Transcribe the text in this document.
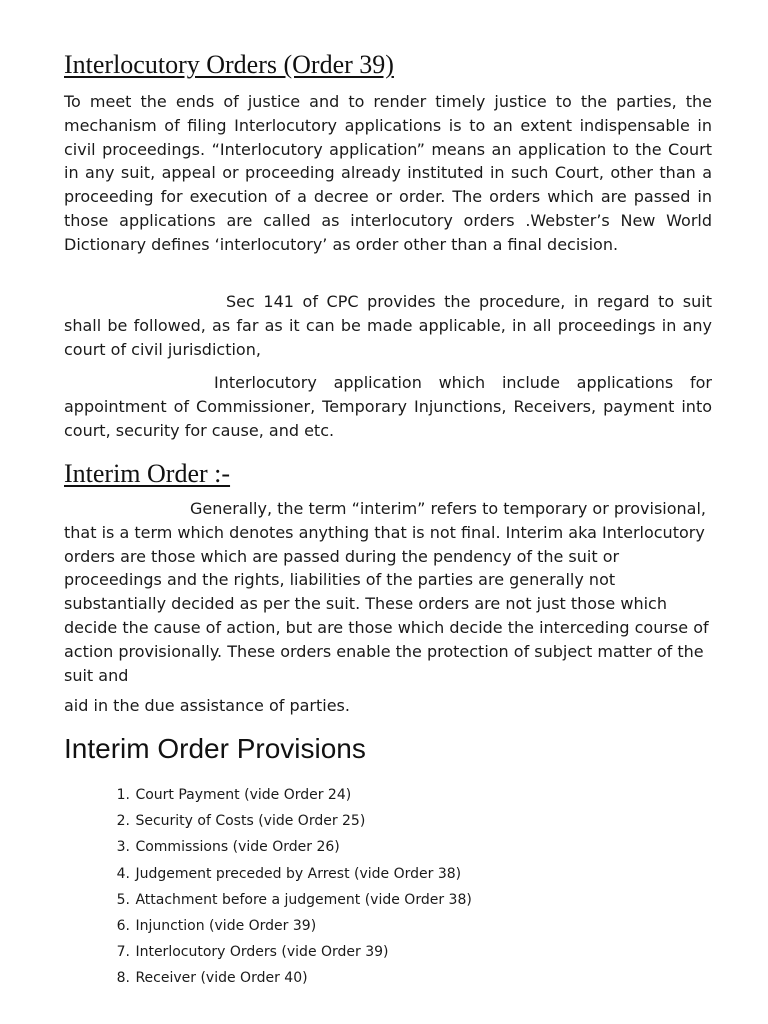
Interlocutory Orders (Order 39)

To meet the ends of justice and to render timely justice to the parties, the mechanism of filing Interlocutory applications is to an extent indispensable in civil proceedings. “Interlocutory application” means an application to the Court in any suit, appeal or proceeding already instituted in such Court, other than a proceeding for execution of a decree or order. The orders which are passed in those applications are called as interlocutory orders .Webster’s New World Dictionary defines ‘interlocutory’ as order other than a final decision.

Sec 141 of CPC provides the procedure, in regard to suit shall be followed, as far as it can be made applicable, in all proceedings in any court of civil jurisdiction,

Interlocutory application which include applications for appointment of Commissioner, Temporary Injunctions, Receivers, payment into court, security for cause, and etc.

Interim Order :-

Generally, the term “interim” refers to temporary or provisional, that is a term which denotes anything that is not final. Interim aka Interlocutory orders are those which are passed during the pendency of the suit or proceedings and the rights, liabilities of the parties are generally not substantially decided as per the suit. These orders are not just those which decide the cause of action, but are those which decide the interceding course of action provisionally. These orders enable the protection of subject matter of the suit and

aid in the due assistance of parties.

Interim Order Provisions
1. Court Payment (vide Order 24)
2. Security of Costs (vide Order 25)
3. Commissions (vide Order 26)
4. Judgement preceded by Arrest (vide Order 38)
5. Attachment before a judgement (vide Order 38)
6. Injunction (vide Order 39)
7. Interlocutory Orders (vide Order 39)
8. Receiver (vide Order 40)
